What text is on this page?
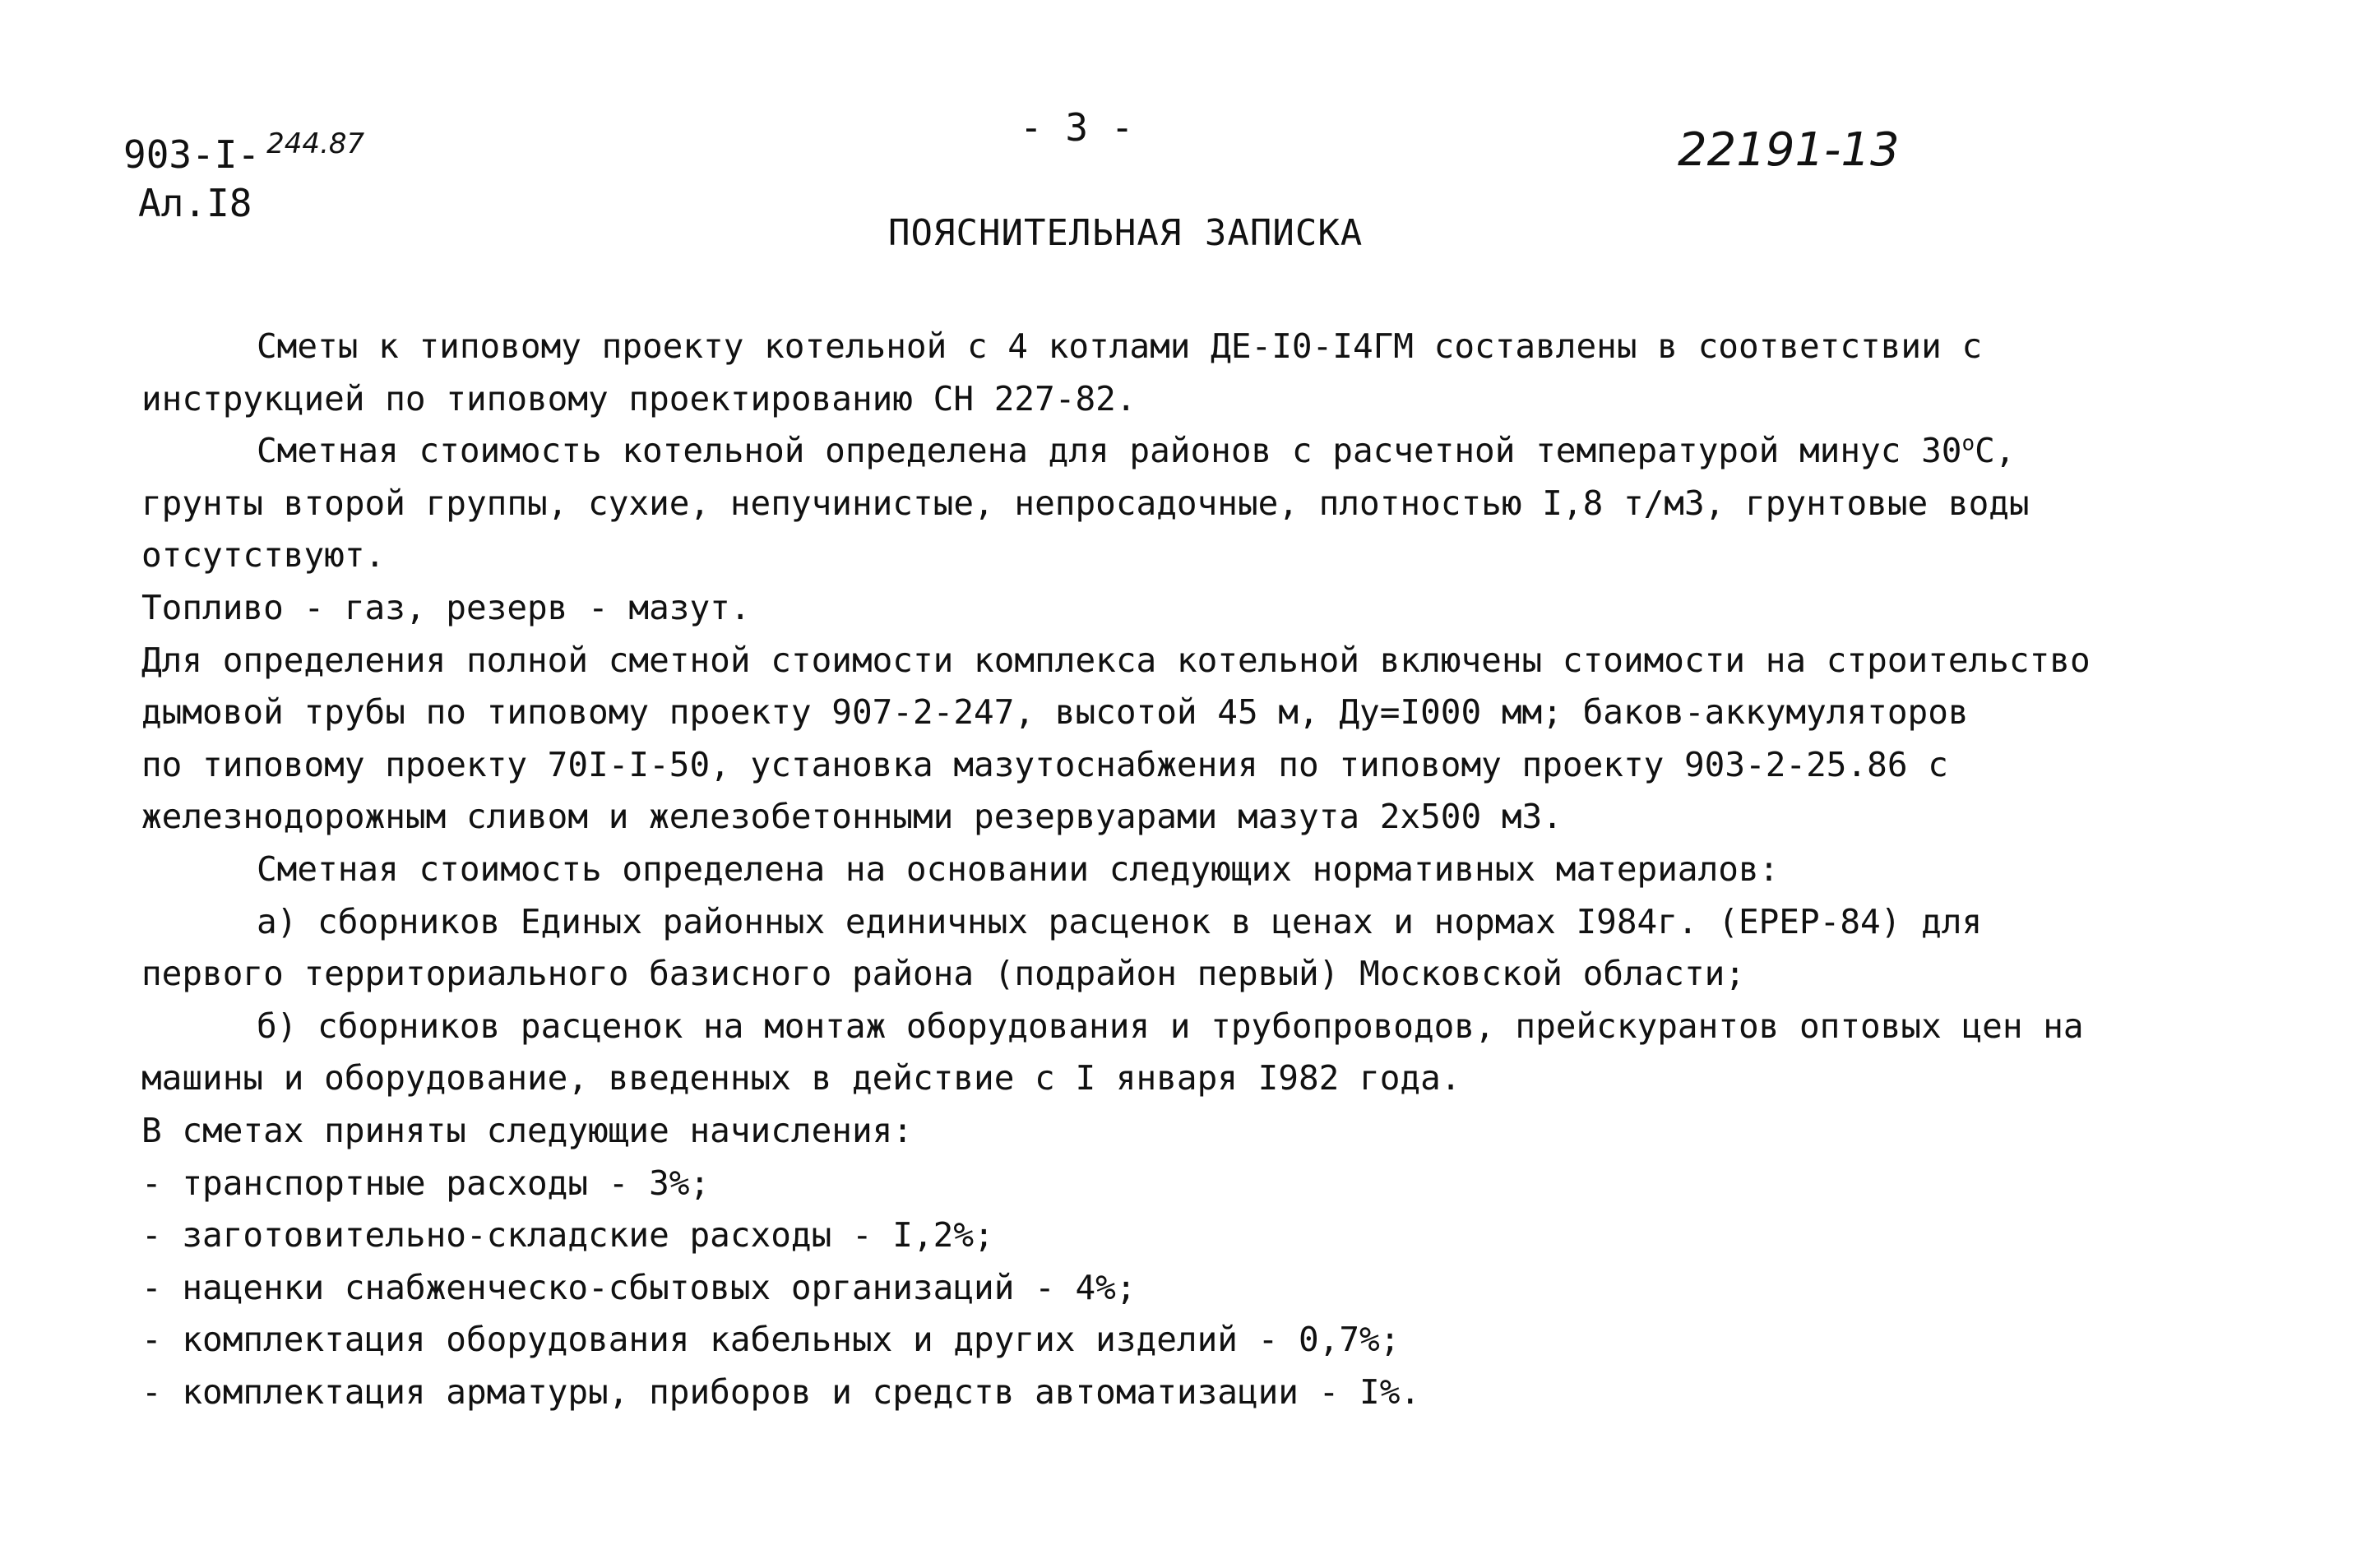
903-I- $^{244.87}$
Ал.I8
- 3 -	22191-13
ПОЯСНИТЕЛЬНАЯ ЗАПИСКА

Сметы к типовому проекту котельной с 4 котлами ДЕ-I0-I4ГМ составлены в соответствии с

инструкцией по типовому проектированию СН 227-82.

Сметная стоимость котельной определена для районов с расчетной температурой минус 30$^o$С,

грунты второй группы, сухие, непучинистые, непросадочные, плотностью I,8 т/м3, грунтовые воды

отсутствуют.

Топливо - газ, резерв - мазут.

Для определения полной сметной стоимости комплекса котельной включены стоимости на строительство

дымовой трубы по типовому проекту 907-2-247, высотой 45 м, Ду=I000 мм; баков-аккумуляторов

по типовому проекту 70I-I-50, установка мазутоснабжения по типовому проекту 903-2-25.86 с

железнодорожным сливом и железобетонными резервуарами мазута 2х500 м3.

Сметная стоимость определена на основании следующих нормативных материалов:

а) сборников Единых районных единичных расценок в ценах и нормах I984г. (ЕРЕР-84) для

первого территориального базисного района (подрайон первый) Московской области;

б) сборников расценок на монтаж оборудования и трубопроводов, прейскурантов оптовых цен на

машины и оборудование, введенных в действие с I января I982 года.

В сметах приняты следующие начисления:

- транспортные расходы - 3%;

- заготовительно-складские расходы - I,2%;

- наценки снабженческо-сбытовых организаций - 4%;

- комплектация оборудования кабельных и других изделий - 0,7%;

- комплектация арматуры, приборов и средств автоматизации - I%.
